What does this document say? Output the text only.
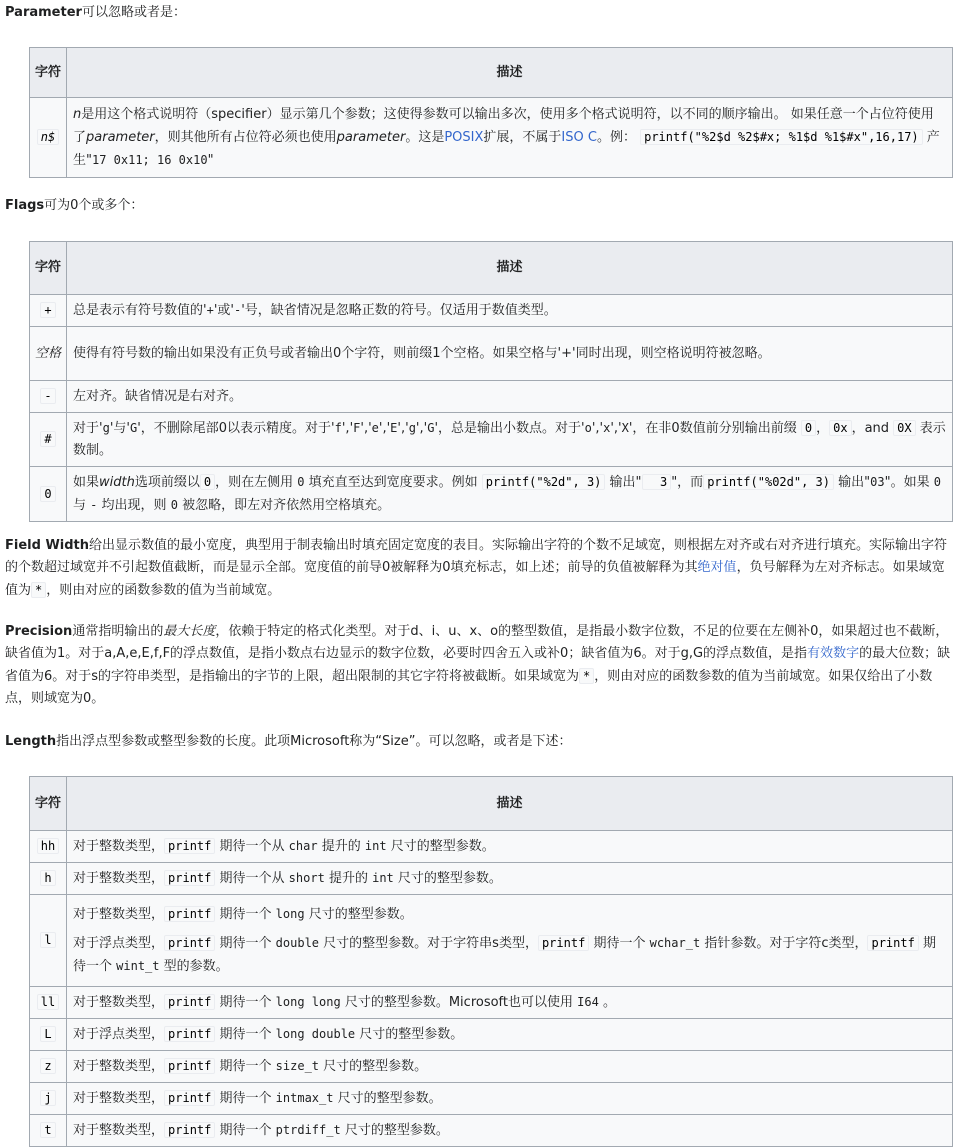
Parameter可以忽略或者是：

字符	描述
n$	n是用这个格式说明符（specifier）显示第几个参数；这使得参数可以输出多次，使用多个格式说明符，以不同的顺序输出。 如果任意一个占位符使用了parameter，则其他所有占位符必须也使用parameter。这是POSIX扩展，不属于ISO C。例： printf("%2$d %2$#x; %1$d %1$#x",16,17) 产生"17 0x11; 16 0x10"

Flags可为0个或多个：

字符	描述
+	总是表示有符号数值的'+'或'-'号，缺省情况是忽略正数的符号。仅适用于数值类型。
空格	使得有符号数的输出如果没有正负号或者输出0个字符，则前缀1个空格。如果空格与'+'同时出现，则空格说明符被忽略。
-	左对齐。缺省情况是右对齐。
#	对于'g'与'G'，不删除尾部0以表示精度。对于'f','F','e','E','g','G'，总是输出小数点。对于'o','x','X'，在非0数值前分别输出前缀 0 ， 0x ，and 0X 表示数制。
0	如果width选项前缀以 0 ，则在左侧用 0 填充直至达到宽度要求。例如 printf("%2d", 3) 输出"  3 "，而 printf("%02d", 3) 输出"03"。如果 0 与 - 均出现，则 0 被忽略，即左对齐依然用空格填充。

Field Width给出显示数值的最小宽度，典型用于制表输出时填充固定宽度的表目。实际输出字符的个数不足域宽，则根据左对齐或右对齐进行填充。实际输出字符的个数超过域宽并不引起数值截断，而是显示全部。宽度值的前导0被解释为0填充标志，如上述；前导的负值被解释为其绝对值，负号解释为左对齐标志。如果域宽值为 * ，则由对应的函数参数的值为当前域宽。

Precision通常指明输出的最大长度，依赖于特定的格式化类型。对于d、i、u、x、o的整型数值，是指最小数字位数，不足的位要在左侧补0，如果超过也不截断，缺省值为1。对于a,A,e,E,f,F的浮点数值，是指小数点右边显示的数字位数，必要时四舍五入或补0；缺省值为6。对于g,G的浮点数值，是指有效数字的最大位数；缺省值为6。对于s的字符串类型，是指输出的字节的上限，超出限制的其它字符将被截断。如果域宽为 * ，则由对应的函数参数的值为当前域宽。如果仅给出了小数点，则域宽为0。

Length指出浮点型参数或整型参数的长度。此项Microsoft称为“Size”。可以忽略，或者是下述：

字符	描述
hh	对于整数类型， printf 期待一个从 char 提升的 int 尺寸的整型参数。
h	对于整数类型， printf 期待一个从 short 提升的 int 尺寸的整型参数。
l	对于整数类型， printf 期待一个 long 尺寸的整型参数。
对于浮点类型， printf 期待一个 double 尺寸的整型参数。对于字符串s类型， printf 期待一个 wchar_t 指针参数。对于字符c类型， printf 期待一个 wint_t 型的参数。

ll	对于整数类型， printf 期待一个 long long 尺寸的整型参数。Microsoft也可以使用 I64 。
L	对于浮点类型， printf 期待一个 long double 尺寸的整型参数。
z	对于整数类型， printf 期待一个 size_t 尺寸的整型参数。
j	对于整数类型， printf 期待一个 intmax_t 尺寸的整型参数。
t	对于整数类型， printf 期待一个 ptrdiff_t 尺寸的整型参数。
